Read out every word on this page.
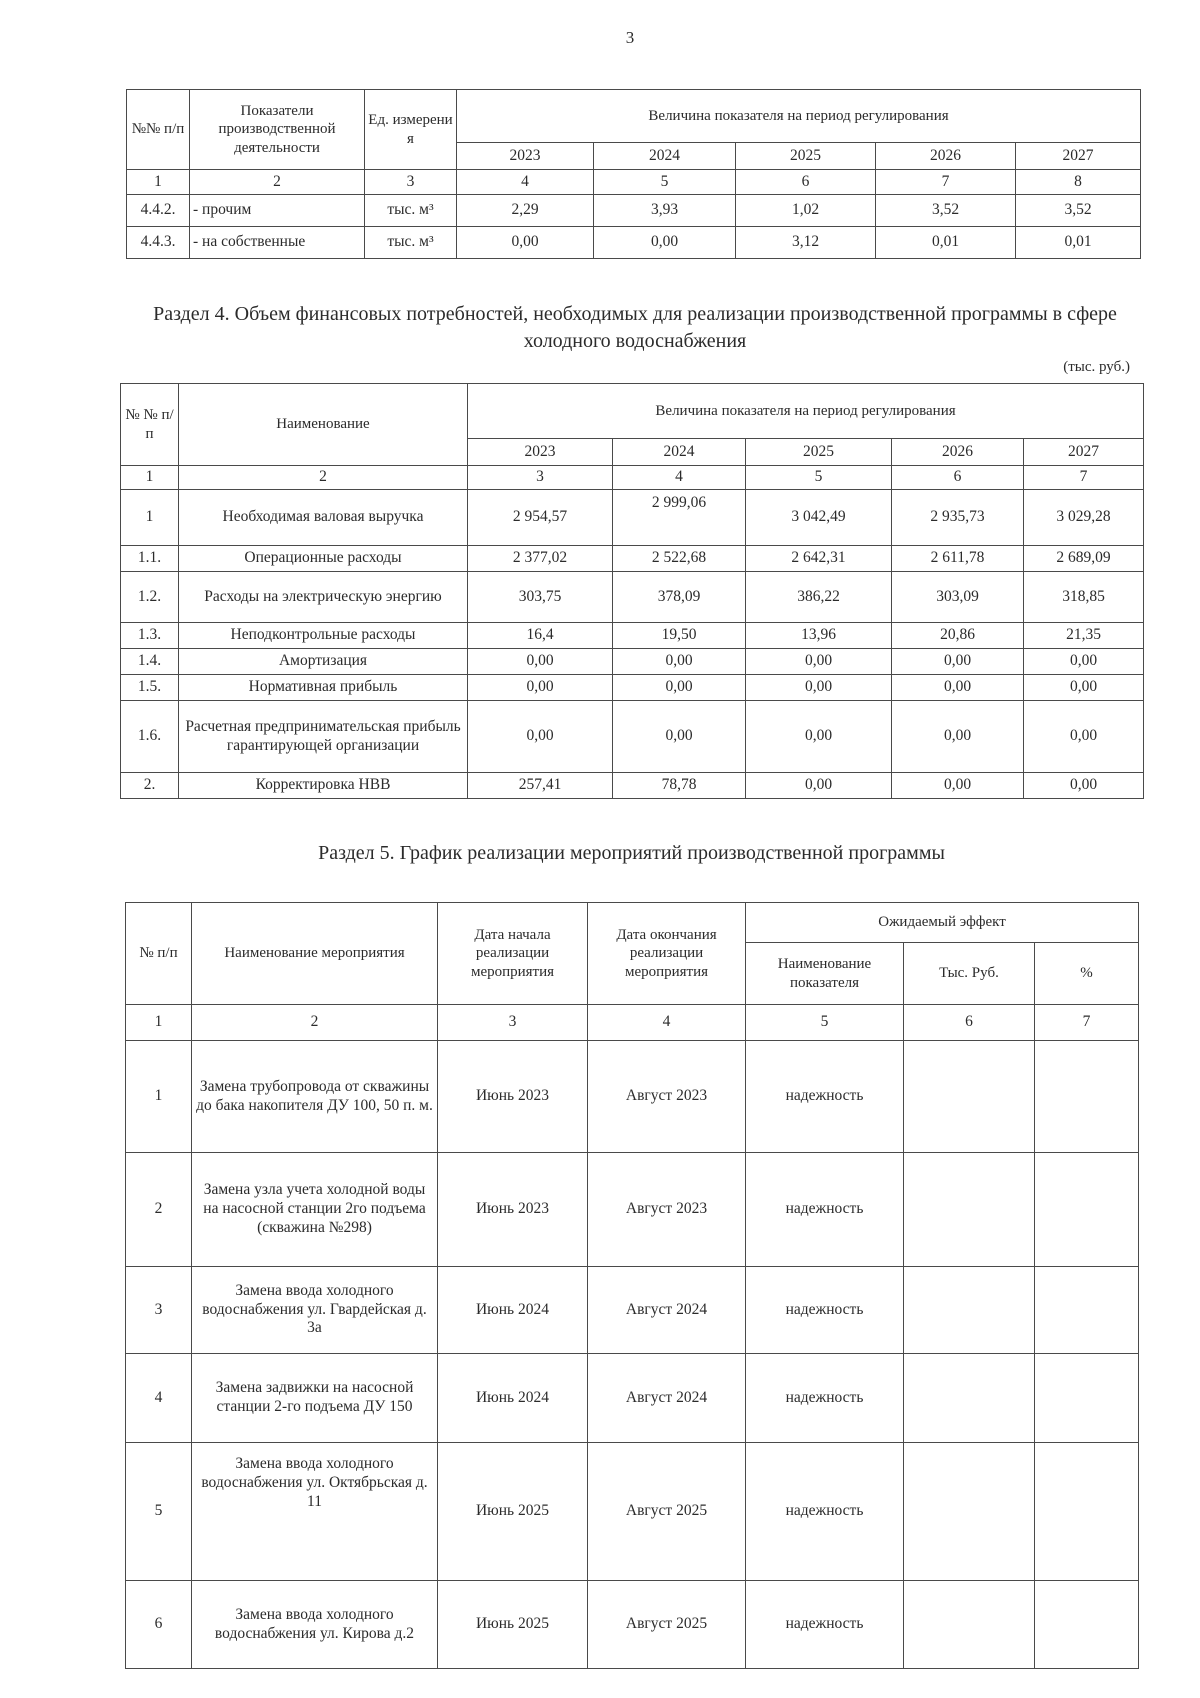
3
№№ п/п	Показатели производственной деятельности	Ед. измерени я	Величина показателя на период регулирования				
			2023	2024	2025	2026	2027
1	2	3	4	5	6	7	8
4.4.2.	- прочим	тыс. м³	2,29	3,93	1,02	3,52	3,52
4.4.3.	- на собственные	тыс. м³	0,00	0,00	3,12	0,01	0,01
Раздел 4. Объем финансовых потребностей, необходимых для реализации производственной программы в сфере холодного водоснабжения
(тыс. руб.)
№ № п/п	Наименование	Величина показателя на период регулирования				
		2023	2024	2025	2026	2027
1	2	3	4	5	6	7
1	Необходимая валовая выручка	2 954,57	2 999,06	3 042,49	2 935,73	3 029,28
1.1.	Операционные расходы	2 377,02	2 522,68	2 642,31	2 611,78	2 689,09
1.2.	Расходы на электрическую энергию	303,75	378,09	386,22	303,09	318,85
1.3.	Неподконтрольные расходы	16,4	19,50	13,96	20,86	21,35
1.4.	Амортизация	0,00	0,00	0,00	0,00	0,00
1.5.	Нормативная прибыль	0,00	0,00	0,00	0,00	0,00
1.6.	Расчетная предпринимательская прибыль гарантирующей организации	0,00	0,00	0,00	0,00	0,00
2.	Корректировка НВВ	257,41	78,78	0,00	0,00	0,00
Раздел 5. График реализации мероприятий производственной программы
№ п/п	Наименование мероприятия	Дата начала реализации мероприятия	Дата окончания реализации мероприятия	Ожидаемый эффект		
				Наименование показателя	Тыс. Руб.	%
1	2	3	4	5	6	7
1	Замена трубопровода от скважины до бака накопителя ДУ 100, 50 п. м.	Июнь 2023	Август 2023	надежность		
2	Замена узла учета холодной воды на насосной станции 2го подъема (скважина №298)	Июнь 2023	Август 2023	надежность		
3	Замена ввода холодного водоснабжения ул. Гвардейская д. 3а	Июнь 2024	Август 2024	надежность		
4	Замена задвижки на насосной станции 2-го подъема ДУ 150	Июнь 2024	Август 2024	надежность		
5	Замена ввода холодного водоснабжения ул. Октябрьская д. 11	Июнь 2025	Август 2025	надежность		
6	Замена ввода холодного водоснабжения ул. Кирова д.2	Июнь 2025	Август 2025	надежность		
